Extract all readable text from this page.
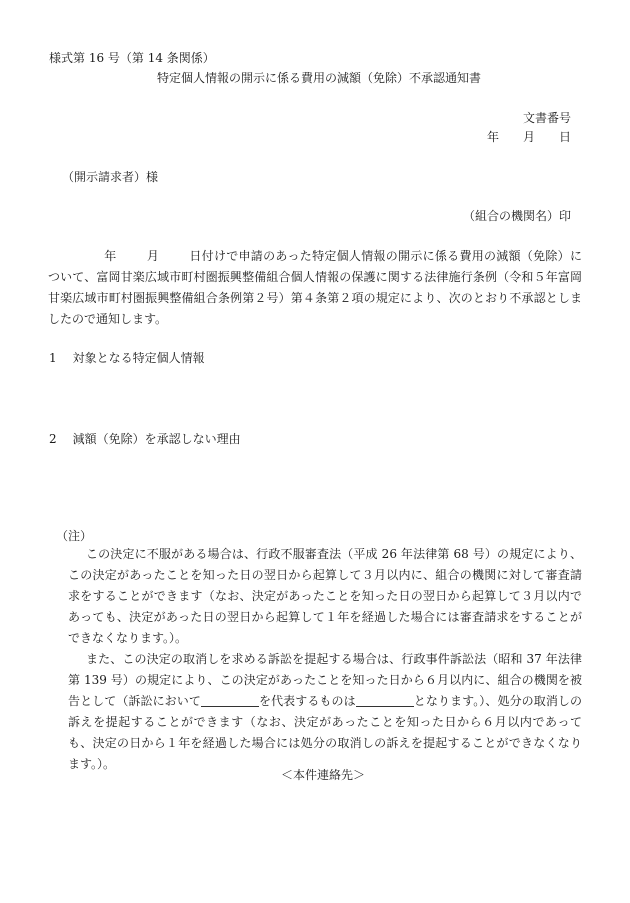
様式第 16 号（第 14 条関係）
特定個人情報の開示に係る費用の減額（免除）不承認通知書
文書番号
年 月 日
（開示請求者）様
（組合の機関名）印

年	月	日付けで申請のあった特定個人情報の開示に係る費用の減額（免除）について、富岡甘楽広域市町村圏振興整備組合個人情報の保護に関する法律施行条例（令和５年富岡甘楽広域市町村圏振興整備組合条例第２号）第４条第２項の規定により、次のとおり不承認としましたので通知します。

1 対象となる特定個人情報
2 減額（免除）を承認しない理由
（注）

この決定に不服がある場合は、行政不服審査法（平成 26 年法律第 68 号）の規定により、この決定があったことを知った日の翌日から起算して３月以内に、組合の機関に対して審査請求をすることができます（なお、決定があったことを知った日の翌日から起算して３月以内であっても、決定があった日の翌日から起算して１年を経過した場合には審査請求をすることができなくなります。）。

また、この決定の取消しを求める訴訟を提起する場合は、行政事件訴訟法（昭和 37 年法律第 139 号）の規定により、この決定があったことを知った日から６月以内に、組合の機関を被告として（訴訟において	を代表するものは	となります。）、処分の取消しの訴えを提起することができます（なお、決定があったことを知った日から６月以内であっても、決定の日から１年を経過した場合には処分の取消しの訴えを提起することができなくなります。）。

＜本件連絡先＞
